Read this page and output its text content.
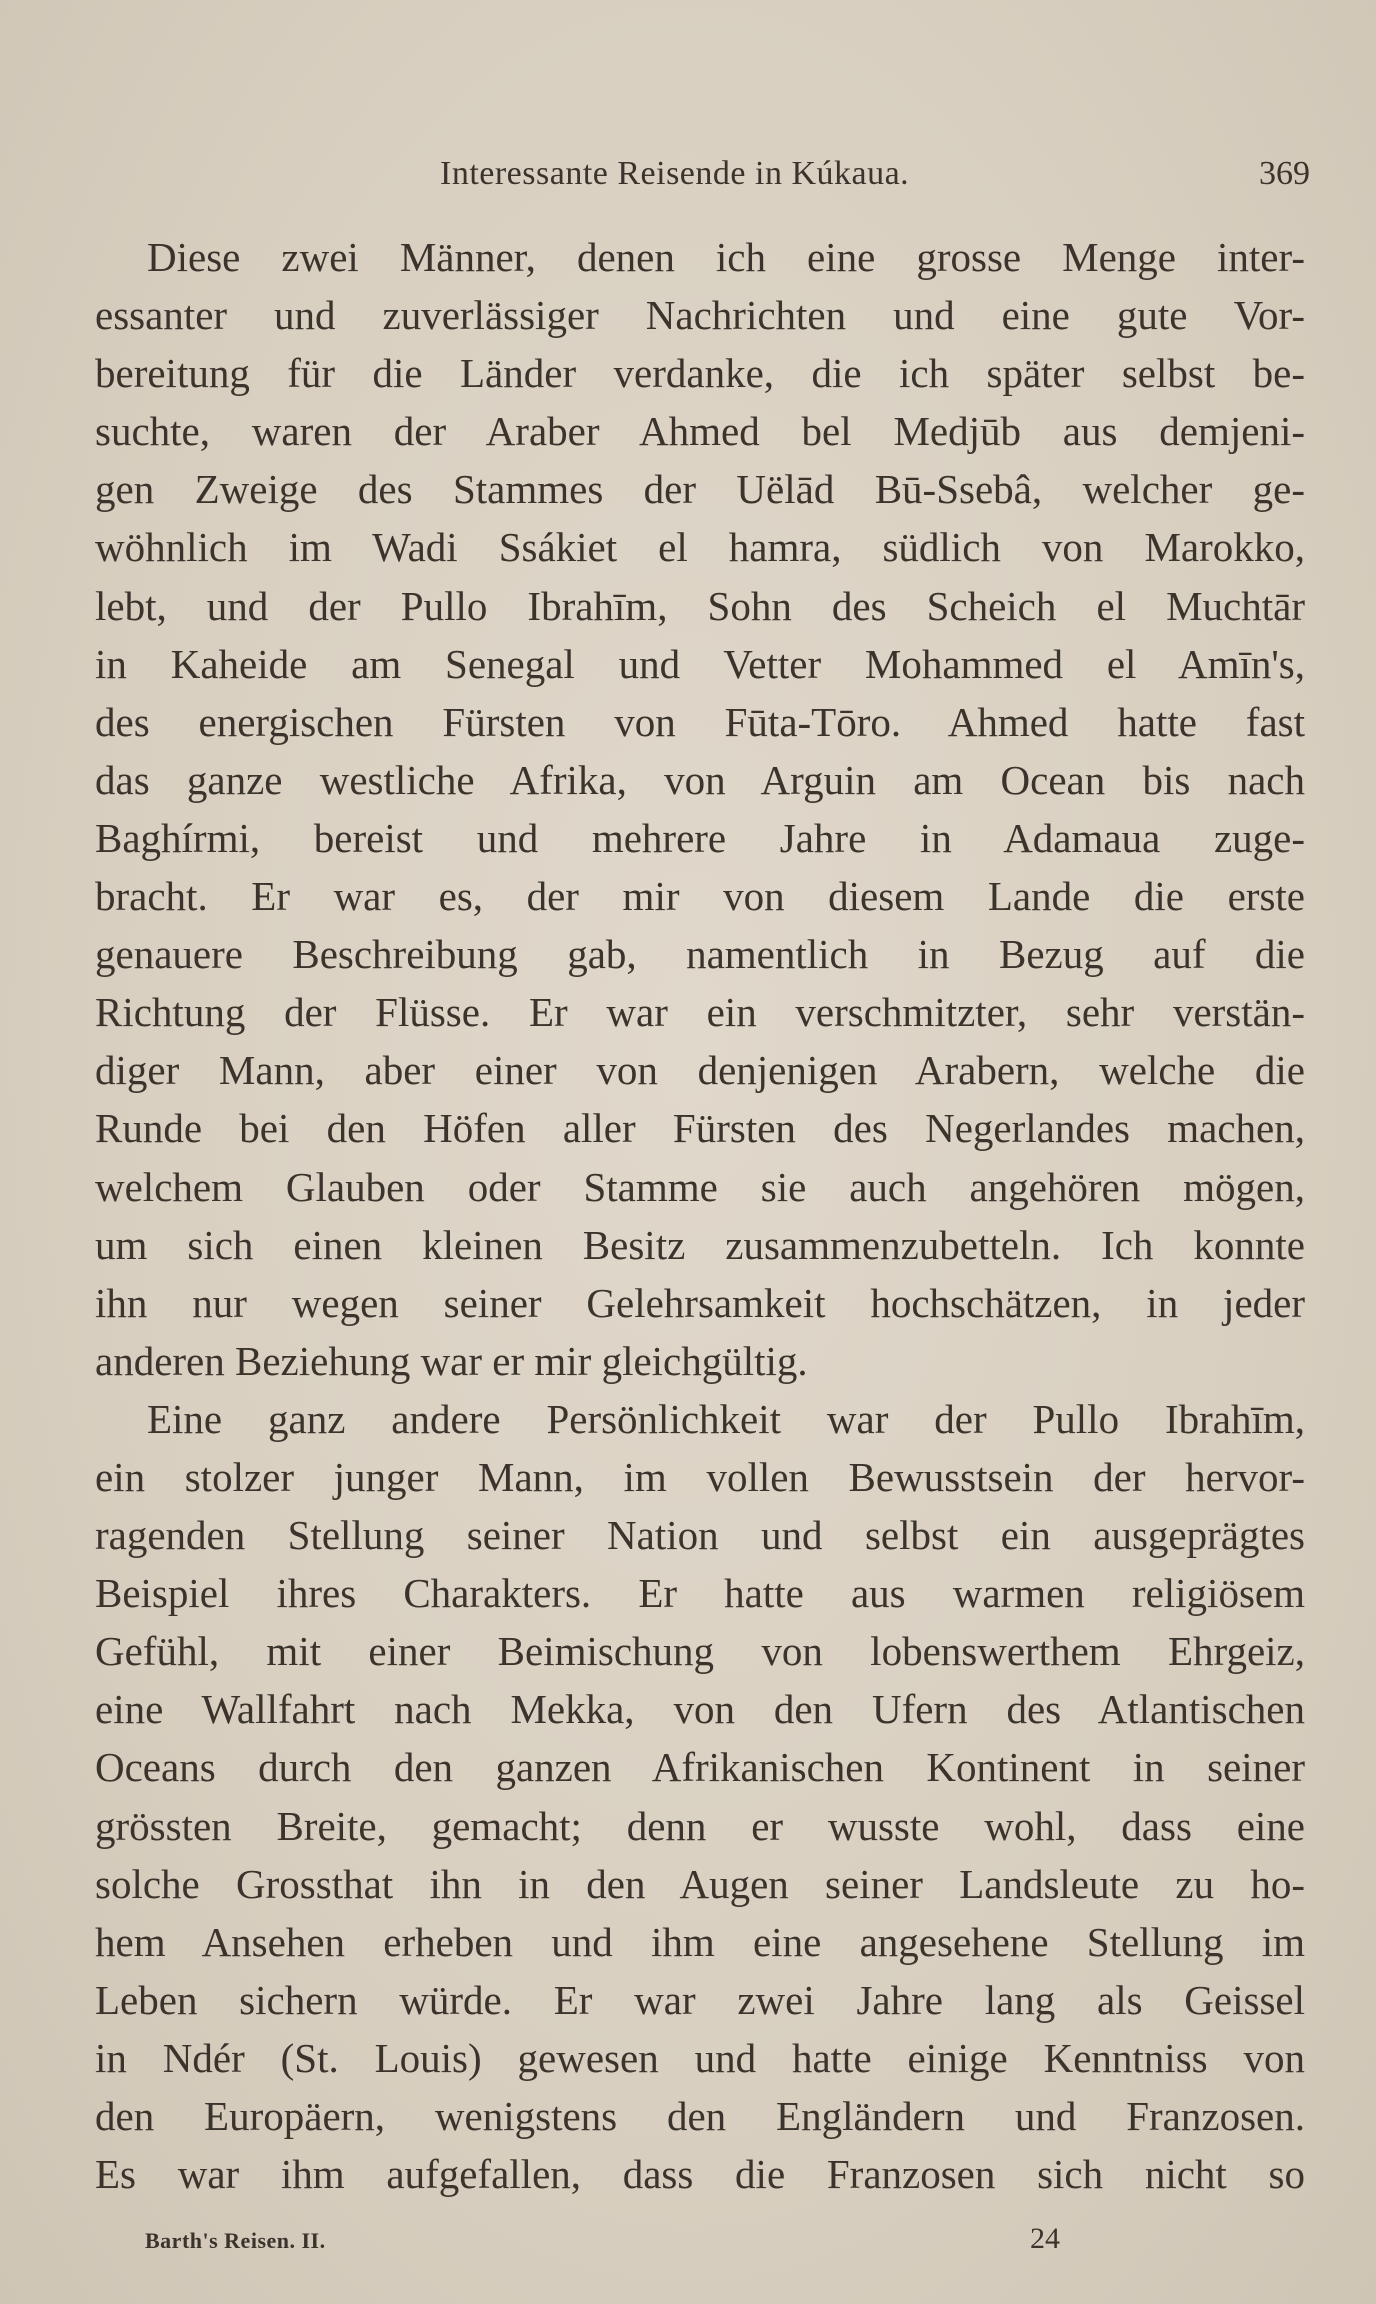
Interessante Reisende in Kúkaua.	369

Diese zwei Männer, denen ich eine grosse Menge inter-
essanter und zuverlässiger Nachrichten und eine gute Vor-
bereitung für die Länder verdanke, die ich später selbst be-
suchte, waren der Araber Ahmed bel Medjūb aus demjeni-
gen Zweige des Stammes der Uëlād Bū-Ssebâ, welcher ge-
wöhnlich im Wadi Ssákiet el hamra, südlich von Marokko,
lebt, und der Pullo Ibrahīm, Sohn des Scheich el Muchtār
in Kaheide am Senegal und Vetter Mohammed el Amīn's,
des energischen Fürsten von Fūta-Tōro. Ahmed hatte fast
das ganze westliche Afrika, von Arguin am Ocean bis nach
Baghírmi, bereist und mehrere Jahre in Adamaua zuge-
bracht. Er war es, der mir von diesem Lande die erste
genauere Beschreibung gab, namentlich in Bezug auf die
Richtung der Flüsse. Er war ein verschmitzter, sehr verstän-
diger Mann, aber einer von denjenigen Arabern, welche die
Runde bei den Höfen aller Fürsten des Negerlandes machen,
welchem Glauben oder Stamme sie auch angehören mögen,
um sich einen kleinen Besitz zusammenzubetteln. Ich konnte
ihn nur wegen seiner Gelehrsamkeit hochschätzen, in jeder
anderen Beziehung war er mir gleichgültig.

Eine ganz andere Persönlichkeit war der Pullo Ibrahīm,
ein stolzer junger Mann, im vollen Bewusstsein der hervor-
ragenden Stellung seiner Nation und selbst ein ausgeprägtes
Beispiel ihres Charakters. Er hatte aus warmen religiösem
Gefühl, mit einer Beimischung von lobenswerthem Ehrgeiz,
eine Wallfahrt nach Mekka, von den Ufern des Atlantischen
Oceans durch den ganzen Afrikanischen Kontinent in seiner
grössten Breite, gemacht; denn er wusste wohl, dass eine
solche Grossthat ihn in den Augen seiner Landsleute zu ho-
hem Ansehen erheben und ihm eine angesehene Stellung im
Leben sichern würde. Er war zwei Jahre lang als Geissel
in Ndér (St. Louis) gewesen und hatte einige Kenntniss von
den Europäern, wenigstens den Engländern und Franzosen.
Es war ihm aufgefallen, dass die Franzosen sich nicht so

Barth's Reisen. II.	24
